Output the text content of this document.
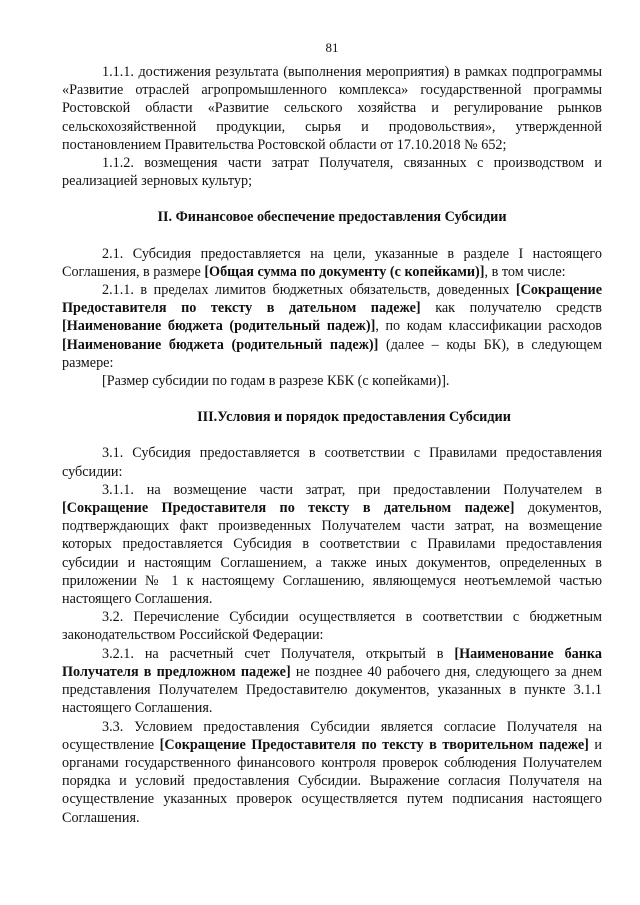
81

1.1.1. достижения результата (выполнения мероприятия) в рамках подпрограммы «Развитие отраслей агропромышленного комплекса» государственной программы Ростовской области «Развитие сельского хозяйства и регулирование рынков сельскохозяйственной продукции, сырья и продовольствия», утвержденной постановлением Правительства Ростовской области от 17.10.2018 № 652;

1.1.2. возмещения части затрат Получателя, связанных с производством и реализацией зерновых культур;

II. Финансовое обеспечение предоставления Субсидии

2.1. Субсидия предоставляется на цели, указанные в разделе I настоящего Соглашения, в размере [Общая сумма по документу (с копейками)], в том числе:

2.1.1. в пределах лимитов бюджетных обязательств, доведенных [Сокращение Предоставителя по тексту в дательном падеже] как получателю средств [Наименование бюджета (родительный падеж)], по кодам классификации расходов [Наименование бюджета (родительный падеж)] (далее – коды БК), в следующем размере:

[Размер субсидии по годам в разрезе КБК (с копейками)].

III.Условия и порядок предоставления Субсидии

3.1. Субсидия предоставляется в соответствии с Правилами предоставления субсидии:

3.1.1. на возмещение части затрат, при предоставлении Получателем в [Сокращение Предоставителя по тексту в дательном падеже] документов, подтверждающих факт произведенных Получателем части затрат, на возмещение которых предоставляется Субсидия в соответствии с Правилами предоставления субсидии и настоящим Соглашением, а также иных документов, определенных в приложении № 1 к настоящему Соглашению, являющемуся неотъемлемой частью настоящего Соглашения.

3.2. Перечисление Субсидии осуществляется в соответствии с бюджетным законодательством Российской Федерации:

3.2.1. на расчетный счет Получателя, открытый в [Наименование банка Получателя в предложном падеже] не позднее 40 рабочего дня, следующего за днем представления Получателем Предоставителю документов, указанных в пункте 3.1.1 настоящего Соглашения.

3.3. Условием предоставления Субсидии является согласие Получателя на осуществление [Сокращение Предоставителя по тексту в творительном падеже] и органами государственного финансового контроля проверок соблюдения Получателем порядка и условий предоставления Субсидии. Выражение согласия Получателя на осуществление указанных проверок осуществляется путем подписания настоящего Соглашения.
